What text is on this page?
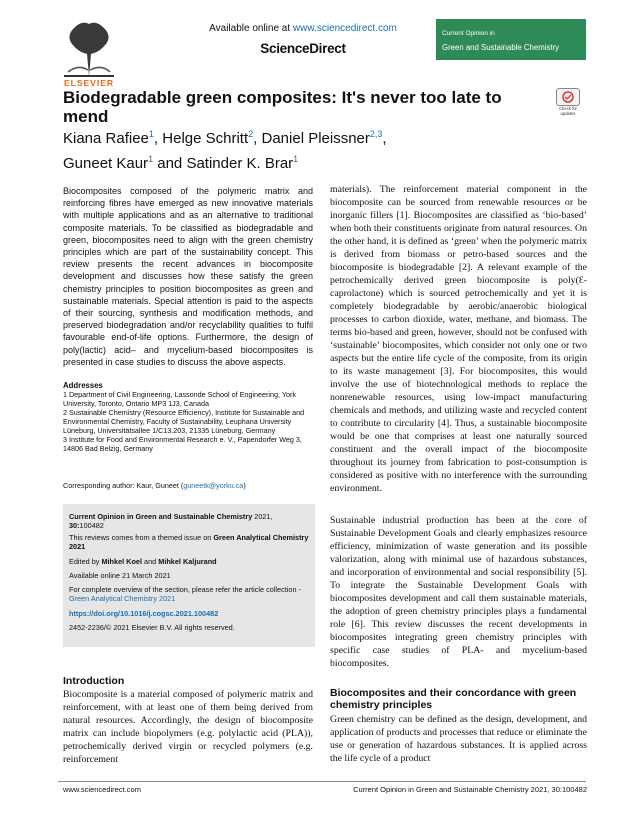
ELSEVIER
Available online at www.sciencedirect.com
ScienceDirect
Current Opinion in
Green and Sustainable Chemistry
Biodegradable green composites: It's never too late to mend	Check for updates
Kiana Rafiee$^1$, Helge Schritt$^2$, Daniel Pleissner$^{2,3}$,
Guneet Kaur$^1$ and Satinder K. Brar$^1$
Biocomposites composed of the polymeric matrix and reinforcing fibres have emerged as new innovative materials with multiple applications and as an alternative to traditional composite materials. To be classified as biodegradable and green, biocomposites need to align with the green chemistry principles which are part of the sustainability concept. This review presents the recent advances in biocomposite development and discusses how these satisfy the green chemistry principles to position biocomposites as green and sustainable materials. Special attention is paid to the aspects of their sourcing, synthesis and modification methods, and preserved biodegradation and/or recyclability qualities to fulfil favourable end-of-life options. Furthermore, the design of poly(lactic) acid– and mycelium-based biocomposites is presented in case studies to discuss the above aspects.
Addresses
1 Department of Civil Engineering, Lassonde School of Engineering, York University, Toronto, Ontario MP3 1J3, Canada
2 Sustainable Chemistry (Resource Efficiency), Institute for Sustainable and Environmental Chemistry, Faculty of Sustainability, Leuphana University Lüneburg, Universitätsallee 1/C13.203, 21335 Lüneburg, Germany
3 Institute for Food and Environmental Research e. V., Papendorfer Weg 3, 14806 Bad Belzig, Germany
Corresponding author: Kaur, Guneet (guneetk@yorku.ca)
Current Opinion in Green and Sustainable Chemistry 2021,
30:100482
This reviews comes from a themed issue on Green Analytical Chemistry 2021
Edited by Mihkel Koel and Mihkel Kaljurand
Available online 21 March 2021
For complete overview of the section, please refer the article collection - Green Analytical Chemistry 2021
https://doi.org/10.1016/j.cogsc.2021.100482
2452-2236/© 2021 Elsevier B.V. All rights reserved.
Introduction
Biocomposite is a material composed of polymeric matrix and reinforcement, with at least one of them being derived from natural resources. Accordingly, the design of biocomposite matrix can include biopolymers (e.g. polylactic acid (PLA)), petrochemically derived virgin or recycled polymers (e.g. reinforcement
materials). The reinforcement material component in the biocomposite can be sourced from renewable resources or be inorganic fillers [1]. Biocomposites are classified as ‘bio-based’ when both their constituents originate from natural resources. On the other hand, it is defined as ‘green’ when the polymeric matrix is derived from biomass or petro-based sources and the biocomposite is biodegradable [2]. A relevant example of the petrochemically derived green biocomposite is poly(Ɛ-caprolactone) which is sourced petrochemically and yet it is completely biodegradable by aerobic/anaerobic biological processes to carbon dioxide, water, methane, and biomass. The terms bio-based and green, however, should not be confused with ‘sustainable’ biocomposites, which consider not only one or two aspects but the entire life cycle of the composite, from its origin to its waste management [3]. For biocomposites, this would involve the use of biotechnological methods to replace the nonrenewable resources, using low-impact manufacturing chemicals and methods, and utilizing waste and recycled content to contribute to circularity [4]. Thus, a sustainable biocomposite would be one that comprises at least one naturally sourced constituent and the overall impact of the biocomposite throughout its journey from fabrication to post-consumption is considered as positive with no interference with the surrounding environment.
Sustainable industrial production has been at the core of Sustainable Development Goals and clearly emphasizes resource efficiency, minimization of waste generation and its possible valorization, along with minimal use of hazardous substances, and incorporation of environmental and social responsibility [5]. To integrate the Sustainable Development Goals with biocomposites development and call them sustainable materials, the adoption of green chemistry principles plays a fundamental role [6]. This review discusses the recent developments in biocomposites integrating green chemistry principles with specific case studies of PLA- and mycelium-based biocomposites.
Biocomposites and their concordance with green chemistry principles
Green chemistry can be defined as the design, development, and application of products and processes that reduce or eliminate the use or generation of hazardous substances. It is applied across the life cycle of a product
www.sciencedirect.com	Current Opinion in Green and Sustainable Chemistry 2021, 30:100482
